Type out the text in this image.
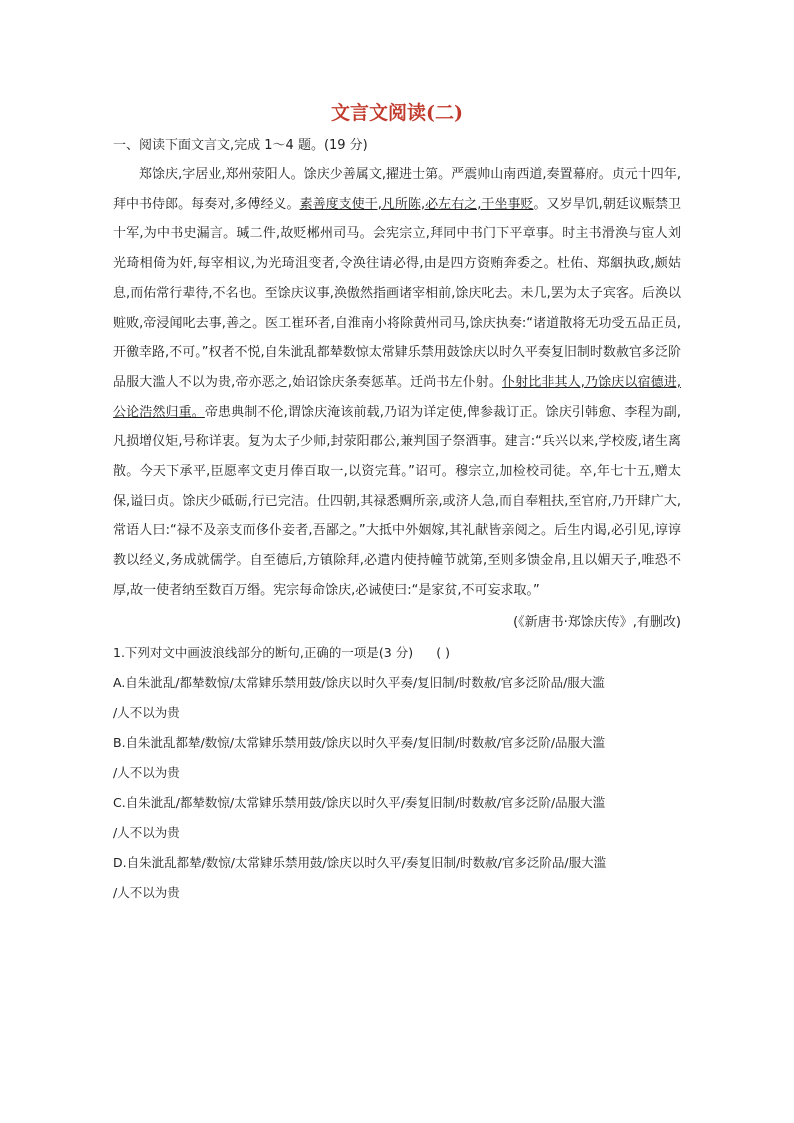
文言文阅读(二)

一、阅读下面文言文,完成 1～4 题。(19 分)

郑馀庆,字居业,郑州荥阳人。馀庆少善属文,擢进士第。严震帅山南西道,奏置幕府。贞元十四年,拜中书侍郎。每奏对,多傅经义。素善度支使干,凡所陈,必左右之,干坐事贬。又岁旱饥,朝廷议赈禁卫十军,为中书史漏言。瑊二件,故贬郴州司马。会宪宗立,拜同中书门下平章事。时主书滑涣与宦人刘光琦相倚为奸,每宰相议,为光琦沮变者,令涣往请必得,由是四方资贿奔委之。杜佑、郑絪执政,颇姑息,而佑常行辈待,不名也。至馀庆议事,涣傲然指画诸宰相前,馀庆叱去。未几,罢为太子宾客。后涣以赃败,帝浸闻叱去事,善之。医工崔环者,自淮南小将除黄州司马,馀庆执奏:“诸道散将无功受五品正员,开徼幸路,不可。”权者不悦,自朱泚乱都辇数惊太常肄乐禁用鼓馀庆以时久平奏复旧制时数赦官多泛阶品服大滥人不以为贵,帝亦恶之,始诏馀庆条奏惩革。迁尚书左仆射。仆射比非其人,乃馀庆以宿德进,公论浩然归重。帝患典制不伦,谓馀庆淹该前载,乃诏为详定使,俾参裁订正。馀庆引韩愈、李程为副,凡损增仪矩,号称详衷。复为太子少师,封荥阳郡公,兼判国子祭酒事。建言:“兵兴以来,学校废,诸生离散。今天下承平,臣愿率文吏月俸百取一,以资完葺。”诏可。穆宗立,加检校司徒。卒,年七十五,赠太保,谥曰贞。馀庆少砥砺,行已完洁。仕四朝,其禄悉赒所亲,或济人急,而自奉粗扶,至官府,乃开肆广大,常语人曰:“禄不及亲支而侈仆妾者,吾鄙之。”大抵中外姻嫁,其礼献皆亲阅之。后生内谒,必引见,谆谆教以经义,务成就儒学。自至德后,方镇除拜,必遣内使持幢节就第,至则多馈金帛,且以媚天子,唯恐不厚,故一使者纳至数百万缗。宪宗每命馀庆,必诫使曰:“是家贫,不可妄求取。”

(《新唐书·郑馀庆传》,有删改)

1.下列对文中画波浪线部分的断句,正确的一项是(3 分) ( )

A.自朱泚乱/都辇数惊/太常肄乐禁用鼓/馀庆以时久平奏/复旧制/时数赦/官多泛阶品/服大滥

/人不以为贵

B.自朱泚乱都辇/数惊/太常肄乐禁用鼓/馀庆以时久平奏/复旧制/时数赦/官多泛阶/品服大滥

/人不以为贵

C.自朱泚乱/都辇数惊/太常肄乐禁用鼓/馀庆以时久平/奏复旧制/时数赦/官多泛阶/品服大滥

/人不以为贵

D.自朱泚乱都辇/数惊/太常肄乐禁用鼓/馀庆以时久平/奏复旧制/时数赦/官多泛阶品/服大滥

/人不以为贵
